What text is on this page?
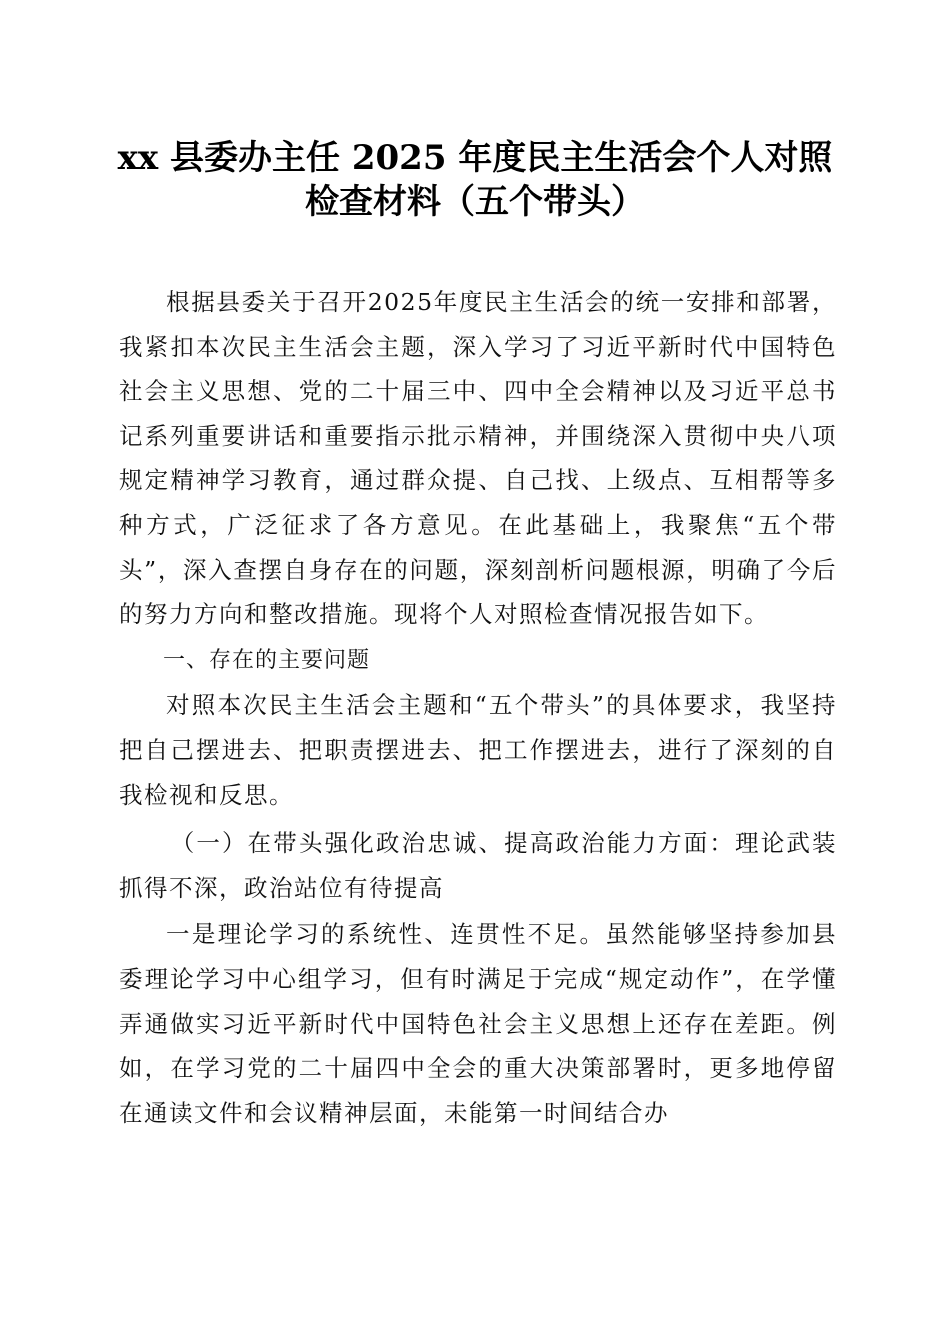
xx 县委办主任 2025 年度民主生活会个人对照
检查材料（五个带头）

根据县委关于召开2025年度民主生活会的统一安排和部署，我紧扣本次民主生活会主题，深入学习了习近平新时代中国特色社会主义思想、党的二十届三中、四中全会精神以及习近平总书记系列重要讲话和重要指示批示精神，并围绕深入贯彻中央八项规定精神学习教育，通过群众提、自己找、上级点、互相帮等多种方式，广泛征求了各方意见。在此基础上，我聚焦“五个带头”，深入查摆自身存在的问题，深刻剖析问题根源，明确了今后的努力方向和整改措施。现将个人对照检查情况报告如下。

一、存在的主要问题

对照本次民主生活会主题和“五个带头”的具体要求，我坚持把自己摆进去、把职责摆进去、把工作摆进去，进行了深刻的自我检视和反思。

（一）在带头强化政治忠诚、提高政治能力方面：理论武装抓得不深，政治站位有待提高

一是理论学习的系统性、连贯性不足。虽然能够坚持参加县委理论学习中心组学习，但有时满足于完成“规定动作”，在学懂弄通做实习近平新时代中国特色社会主义思想上还存在差距。例如，在学习党的二十届四中全会的重大决策部署时，更多地停留在通读文件和会议精神层面，未能第一时间结合办
